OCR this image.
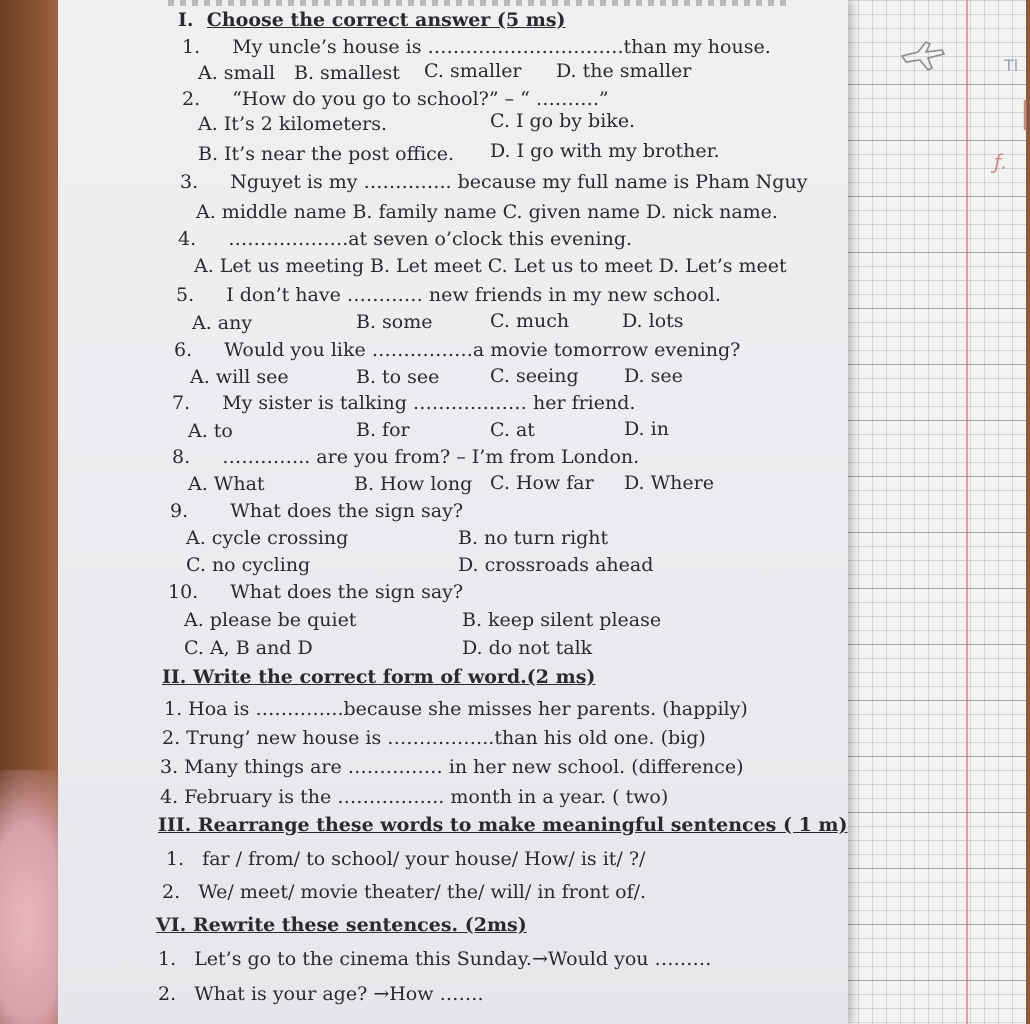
Tl
|
ƒ.
I. Choose the correct answer (5 ms)
1. My uncle’s house is ………………………….than my house.
A. small B. smallest C. smaller D. the smaller
2. “How do you go to school?” – “ ……….”
A. It’s 2 kilometers.	C. I go by bike.
B. It’s near the post office. D. I go with my brother.
3. Nguyet is my ………….. because my full name is Pham Nguy
A. middle name B. family name C. given name D. nick name.
4. ……………….at seven o’clock this evening.
A. Let us meeting B. Let meet C. Let us to meet D. Let’s meet
5. I don’t have ………… new friends in my new school.
A. any	B. some	C. much	D. lots
6. Would you like …………….a movie tomorrow evening?
A. will see	B. to see	C. seeing D. see
7. My sister is talking ……………… her friend.
A. to	B. for	C. at	D. in
8. ………….. are you from? – I’m from London.
A. What	B. How long C. How far D. Where
9. What does the sign say?
A. cycle crossing	B. no turn right
C. no cycling	D. crossroads ahead
10. What does the sign say?
A. please be quiet	B. keep silent please
C. A, B and D	D. do not talk
II. Write the correct form of word.(2 ms)
1. Hoa is …………..because she misses her parents. (happily)
2. Trung’ new house is ……………..than his old one. (big)
3. Many things are …………… in her new school. (difference)
4. February is the …………….. month in a year. ( two)
III. Rearrange these words to make meaningful sentences ( 1 m)
1. far / from/ to school/ your house/ How/ is it/ ?/
2. We/ meet/ movie theater/ the/ will/ in front of/.
VI. Rewrite these sentences. (2ms)
1. Let’s go to the cinema this Sunday.→Would you ………
2. What is your age? →How …….
